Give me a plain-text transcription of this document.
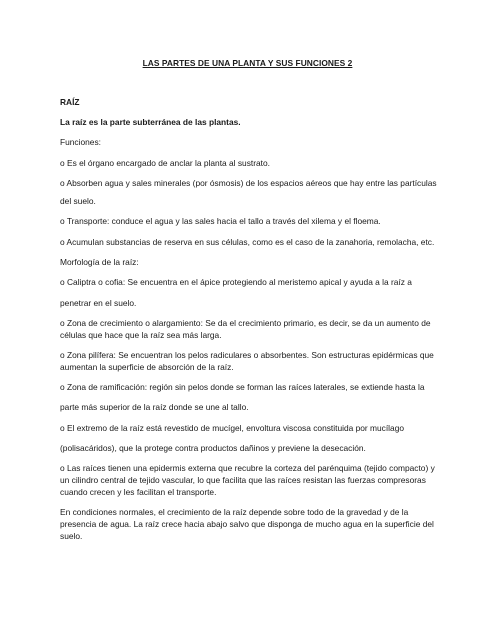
LAS PARTES DE UNA PLANTA Y SUS FUNCIONES 2
RAÍZ
La raíz es la parte subterránea de las plantas.
Funciones:
o Es el órgano encargado de anclar la planta al sustrato.
o Absorben agua y sales minerales (por ósmosis) de los espacios aéreos que hay entre las partículas
del suelo.
o Transporte: conduce el agua y las sales hacia el tallo a través del xilema y el floema.
o Acumulan substancias de reserva en sus células, como es el caso de la zanahoria, remolacha, etc.
Morfología de la raíz:
o Caliptra o cofia: Se encuentra en el ápice protegiendo al meristemo apical y ayuda a la raíz a
penetrar en el suelo.
o Zona de crecimiento o alargamiento: Se da el crecimiento primario, es decir, se da un aumento de células que hace que la raíz sea más larga.
o Zona pilífera: Se encuentran los pelos radiculares o absorbentes. Son estructuras epidérmicas que aumentan la superficie de absorción de la raíz.
o Zona de ramificación: región sin pelos donde se forman las raíces laterales, se extiende hasta la
parte más superior de la raíz donde se une al tallo.
o El extremo de la raíz está revestido de mucígel, envoltura viscosa constituida por mucílago
(polisacáridos), que la protege contra productos dañinos y previene la desecación.
o Las raíces tienen una epidermis externa que recubre la corteza del parénquima (tejido compacto) y un cilindro central de tejido vascular, lo que facilita que las raíces resistan las fuerzas compresoras cuando crecen y les facilitan el transporte.
En condiciones normales, el crecimiento de la raíz depende sobre todo de la gravedad y de la presencia de agua. La raíz crece hacia abajo salvo que disponga de mucho agua en la superficie del suelo.
